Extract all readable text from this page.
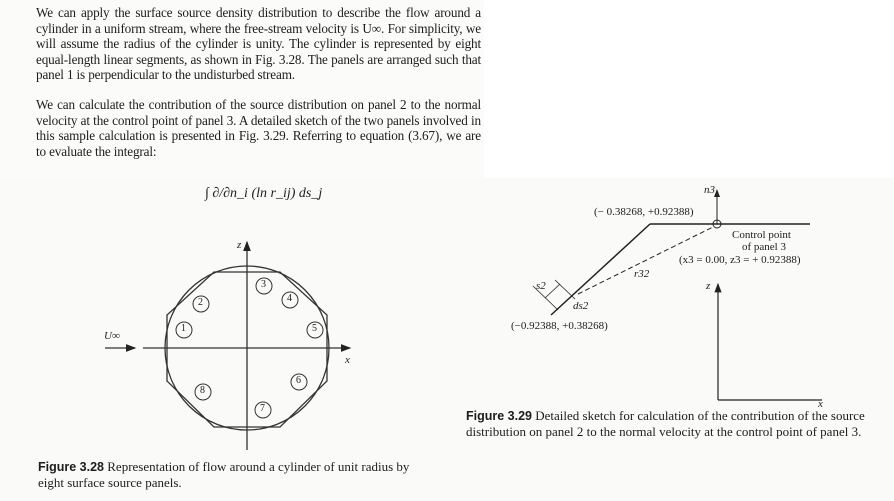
We can apply the surface source density distribution to describe the flow around a cylinder in a uniform stream, where the free-stream velocity is U∞. For simplicity, we will assume the radius of the cylinder is unity. The cylinder is represented by eight equal-length linear segments, as shown in Fig. 3.28. The panels are arranged such that panel 1 is perpendicular to the undisturbed stream.

We can calculate the contribution of the source distribution on panel 2 to the normal velocity at the control point of panel 3. A detailed sketch of the two panels involved in this sample calculation is presented in Fig. 3.29. Referring to equation (3.67), we are to evaluate the integral:

∫ ∂/∂n_i (ln r_ij) ds_j
z
x
U∞
1
2
3
4
5
6
7
8
Figure 3.28 Representation of flow around a cylinder of unit radius by eight surface source panels.
n3
(− 0.38268, +0.92388)
(−0.92388, +0.38268)
Control point
of panel 3
(x3 = 0.00, z3 = + 0.92388)
r32
s2
ds2
z
x
Figure 3.29 Detailed sketch for calculation of the contribution of the source distribution on panel 2 to the normal velocity at the control point of panel 3.
